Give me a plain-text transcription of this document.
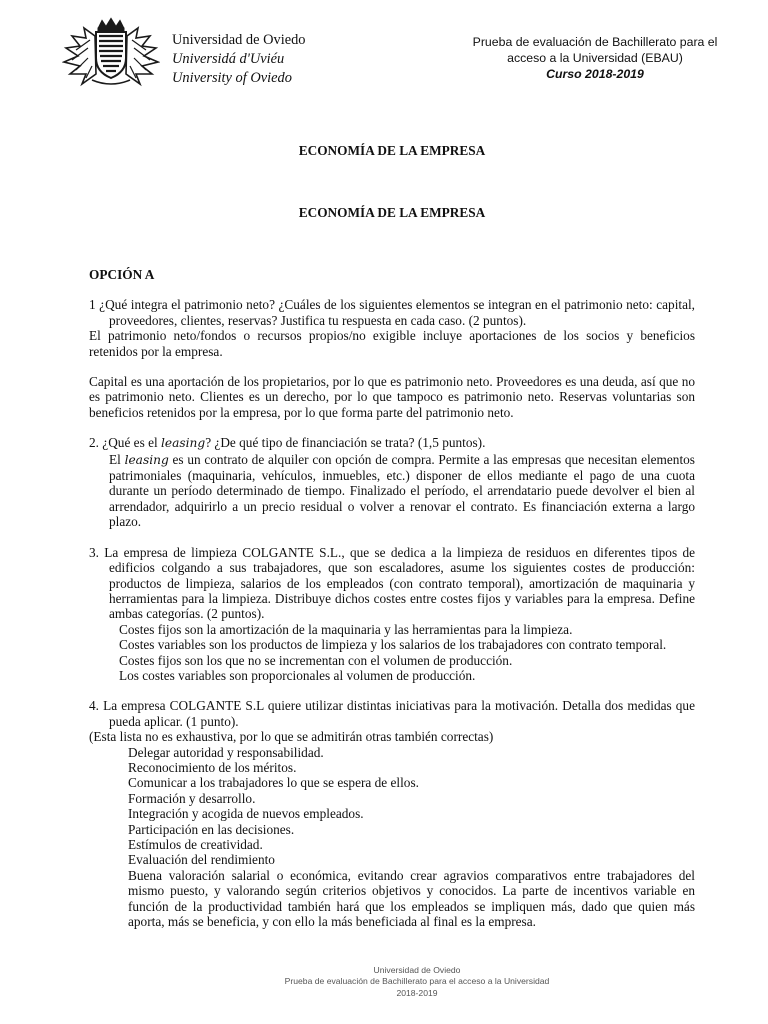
Universidad de Oviedo
Universidá d'Uviéu
University of Oviedo
Prueba de evaluación de Bachillerato para el
acceso a la Universidad (EBAU)
Curso 2018-2019
ECONOMÍA DE LA EMPRESA
ECONOMÍA DE LA EMPRESA

OPCIÓN A

1 ¿Qué integra el patrimonio neto? ¿Cuáles de los siguientes elementos se integran en el patrimonio neto: capital, proveedores, clientes, reservas? Justifica tu respuesta en cada caso. (2 puntos).

El patrimonio neto/fondos o recursos propios/no exigible incluye aportaciones de los socios y beneficios retenidos por la empresa.

Capital es una aportación de los propietarios, por lo que es patrimonio neto. Proveedores es una deuda, así que no es patrimonio neto. Clientes es un derecho, por lo que tampoco es patrimonio neto. Reservas voluntarias son beneficios retenidos por la empresa, por lo que forma parte del patrimonio neto.

2. ¿Qué es el leasing? ¿De qué tipo de financiación se trata? (1,5 puntos).

El leasing es un contrato de alquiler con opción de compra. Permite a las empresas que necesitan elementos patrimoniales (maquinaria, vehículos, inmuebles, etc.) disponer de ellos mediante el pago de una cuota durante un período determinado de tiempo. Finalizado el período, el arrendatario puede devolver el bien al arrendador, adquirirlo a un precio residual o volver a renovar el contrato. Es financiación externa a largo plazo.

3. La empresa de limpieza COLGANTE S.L., que se dedica a la limpieza de residuos en diferentes tipos de edificios colgando a sus trabajadores, que son escaladores, asume los siguientes costes de producción: productos de limpieza, salarios de los empleados (con contrato temporal), amortización de maquinaria y herramientas para la limpieza. Distribuye dichos costes entre costes fijos y variables para la empresa. Define ambas categorías. (2 puntos).

Costes fijos son la amortización de la maquinaria y las herramientas para la limpieza.

Costes variables son los productos de limpieza y los salarios de los trabajadores con contrato temporal.

Costes fijos son los que no se incrementan con el volumen de producción.

Los costes variables son proporcionales al volumen de producción.

4. La empresa COLGANTE S.L quiere utilizar distintas iniciativas para la motivación. Detalla dos medidas que pueda aplicar. (1 punto).

(Esta lista no es exhaustiva, por lo que se admitirán otras también correctas)

Delegar autoridad y responsabilidad.

Reconocimiento de los méritos.

Comunicar a los trabajadores lo que se espera de ellos.

Formación y desarrollo.

Integración y acogida de nuevos empleados.

Participación en las decisiones.

Estímulos de creatividad.

Evaluación del rendimiento

Buena valoración salarial o económica, evitando crear agravios comparativos entre trabajadores del mismo puesto, y valorando según criterios objetivos y conocidos. La parte de incentivos variable en función de la productividad también hará que los empleados se impliquen más, dado que quien más aporta, más se beneficia, y con ello la más beneficiada al final es la empresa.

Universidad de Oviedo
Prueba de evaluación de Bachillerato para el acceso a la Universidad
2018-2019
